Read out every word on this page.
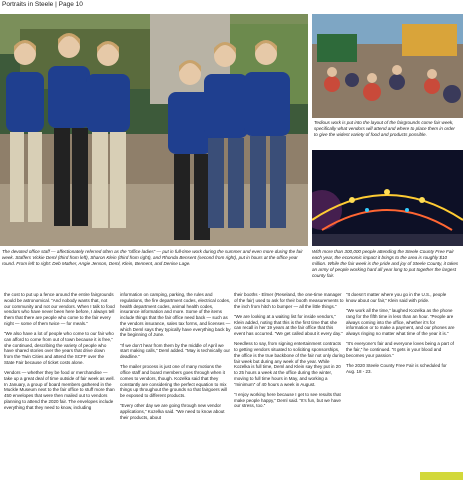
Portraits in Steele | Page 10
Tedious work is put into the layout of the fairgrounds come fair week, specifically what vendors will attend and where to place them in order to give the widest variety of food and products possible.
The devoted office staff — affectionately referred often as the “office ladies” — put in full-time work during the summer and even more during the fair week. Staffers Vickie Deml (third from left), Sharon Klein (third from right), and Rhonda Bensent (second from right), put in hours at the office year round. From left to right: Deb Mather, Angie Jenson, Deml, Klein, Bennent, and Denise Lage.
With more than 300,000 people attending the Steele County Free Fair each year, the economic impact it brings to the area is roughly $10 million. While the fair week is the pride and joy of Steele County, it takes an army of people working hard all year long to put together the largest county fair.

the cost to put up a fence around the entire fairgrounds would be astronomical. “And nobody wants that, not our community and not our vendors. When I talk to food vendors who have never been here before, I always tell them that there are people who come to the fair every night — some of them twice — for meals.”

“We also have a lot of people who come to our fair who can afford to come from out of town because it is free,” she continued, describing the variety of people who have shared stories over the years that drive down from the Twin Cities and attend the SCFF over the State Fair because of ticket costs alone.

Vendors — whether they be food or merchandise — take up a great deal of time outside of fair week as well. In January, a group of board members gathered in the Muckle Museum next to the fair office to stuff more than 450 envelopes that were then mailed out to vendors planning to attend the 2020 fair. The envelopes include everything that they need to know, including

information on camping, parking, the rules and regulations, the fire department codes, electrical codes, health department codes, animal health codes, insurance information and more. Some of the items include things that the fair office need back — such as the vendors insurance, sales tax forms, and licenses — which Deml says they typically have everything back by the beginning of June.

“If we don’t hear from them by the middle of April we start making calls,” Deml added. “May is technically our deadline.”

The mailer process is just one of many motions the office staff and board members goes through when it comes to vendors, though. Kozelka said that they constantly are considering the perfect equation to mix things up throughout the grounds so that fairgoers will be exposed to different products.

“Every other day we are going through new vendor applications,” Kozelka said. “We need to know about their products, about

their booths - Elmer (Reseland, the one-time manager of the fair) used to ask for their booth measurements to the inch from hitch to bumper — all the little things.”

“We are looking at a waiting list for inside vendors,” Klein added, noting that this is the first time that she can recall in her 19 years at the fair office that this event has occurred. “We get called about it every day.”

Needless to say, from signing entertainment contracts to getting vendors situated to soliciting sponsorships, the office is the true backbone of the fair not only during fair week but during any week of the year. While Kozelka is full time, Deml and Klein say they put in 20 to 25 hours a week at the office during the winter, moving to full time hours in May, and working a “minimum” of 40 hours a week in August.

“I enjoy working here because I get to see results that make people happy,” Deml said. “It’s fun, but we have our stress, too.”

“It doesn’t matter where you go in the U.S., people know about our fair,” Klein said with pride.

“We work all the time,” laughed Kozelka as the phone rang for the fifth time in less than an hour. “People are always coming into the office, whether it’s for information or to make a payment, and our phones are always ringing no matter what time of the year it is.”

“It’s everyone’s fair and everyone loves being a part of the fair,” he continued. “It gets in your blood and becomes your passion.”

The 2020 Steele County Free Fair is scheduled for Aug. 18 - 23.
